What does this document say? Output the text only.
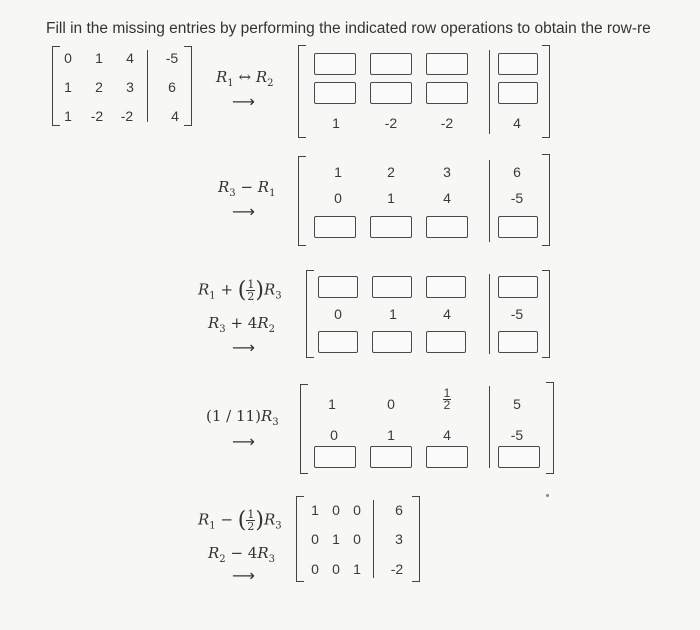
Fill in the missing entries by performing the indicated row operations to obtain the row-re
0	1	4	-5
1	2	3	6
1	-2	-2	4
$R_1$ ↔ $R_2$
⟶
1	-2	-2	4
$R_3 - R_1$
⟶
1	2	3	6
0	1	4	-5
$R_1$ + ( $\frac{1}{2} )R_3$
$R_3 + 4R_2$
⟶
0	1	4	-5
$(1 / 11)R_3$
⟶
1	0	$\frac{1}{2}$	5
0	1	4	-5
$R_1$ − ( $\frac{1}{2} )R_3$
$R_2 - 4R_3$
⟶
1 0 0	6
0 1 0	3
0 0 1	-2
